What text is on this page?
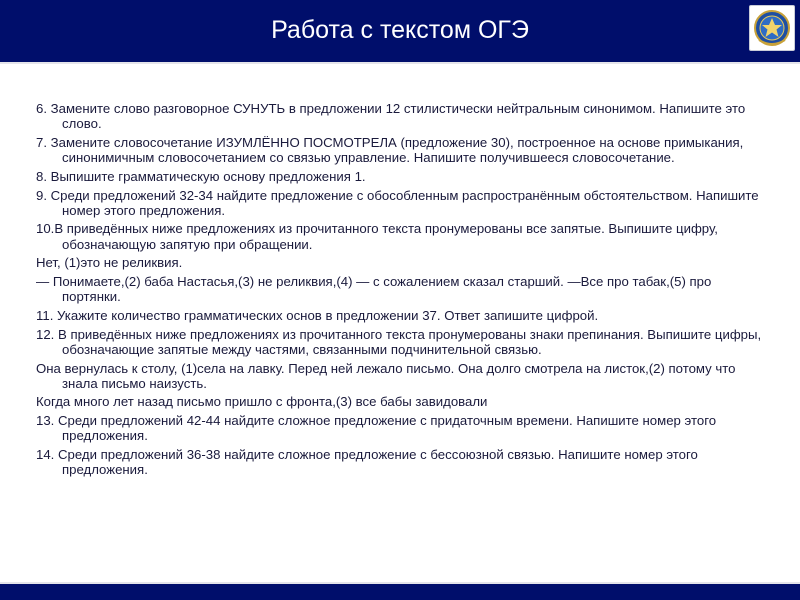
Работа с текстом ОГЭ

6. Замените слово разговорное СУНУТЬ в предложении 12 стилистически нейтральным синонимом. Напишите это слово.

7. Замените словосочетание ИЗУМЛЁННО ПОСМОТРЕЛА (предложение 30), построенное на основе примыкания, синонимичным словосочетанием со связью управление. Напишите получившееся словосочетание.

8. Выпишите грамматическую основу предложения 1.

9. Среди предложений 32-34 найдите предложение с обособленным распространённым обстоятельством. Напишите номер этого предложения.

10.В приведённых ниже предложениях из прочитанного текста пронумерованы все запятые. Выпишите цифру, обозначающую запятую при обращении.

Нет, (1)это не реликвия.

— Понимаете,(2) баба Настасья,(3) не реликвия,(4) — с сожалением сказал старший. —Все про табак,(5) про портянки.

11. Укажите количество грамматических основ в предложении 37. Ответ запишите цифрой.

12. В приведённых ниже предложениях из прочитанного текста пронумерованы знаки препинания. Выпишите цифры, обозначающие запятые между частями, связанными подчинительной связью.

Она вернулась к столу, (1)села на лавку. Перед ней лежало письмо. Она долго смотрела на листок,(2) потому что знала письмо наизусть.

Когда много лет назад письмо пришло с фронта,(3) все бабы завидовали

13. Среди предложений 42-44 найдите сложное предложение с придаточным времени. Напишите номер этого предложения.

14. Среди предложений 36-38 найдите сложное предложение с бессоюзной связью. Напишите номер этого предложения.
